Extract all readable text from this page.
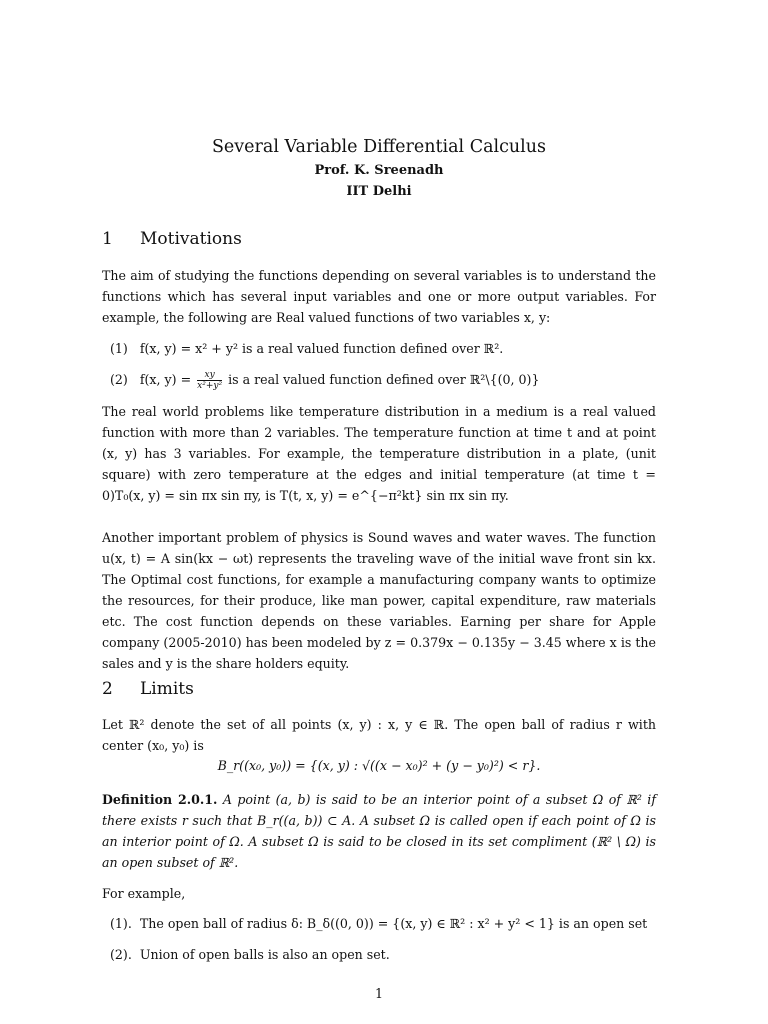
Several Variable Differential Calculus
Prof. K. Sreenadh
IIT Delhi
1 Motivations
The aim of studying the functions depending on several variables is to understand the functions which has several input variables and one or more output variables. For example, the following are Real valued functions of two variables x, y:
(1) f(x, y) = x² + y² is a real valued function defined over ℝ².
(2) f(x, $y) = \frac{xy}{\text{x²+y²}}$ is a real valued function defined over ℝ²\{(0, 0)}
The real world problems like temperature distribution in a medium is a real valued function with more than 2 variables. The temperature function at time t and at point (x, y) has 3 variables. For example, the temperature distribution in a plate, (unit square) with zero temperature at the edges and initial temperature (at time t = 0)T₀(x, y) = sin πx sin πy, is T(t, x, y) = e^{−π²kt} sin πx sin πy.
Another important problem of physics is Sound waves and water waves. The function u(x, t) = A sin(kx − ωt) represents the traveling wave of the initial wave front sin kx. The Optimal cost functions, for example a manufacturing company wants to optimize the resources, for their produce, like man power, capital expenditure, raw materials etc. The cost function depends on these variables. Earning per share for Apple company (2005-2010) has been modeled by z = 0.379x − 0.135y − 3.45 where x is the sales and y is the share holders equity.
2 Limits
Let ℝ² denote the set of all points (x, y) : x, y ∈ ℝ. The open ball of radius r with center (x₀, y₀) is
B_r((x₀, y₀)) = {(x, y) : √((x − x₀)² + (y − y₀)²) < r}.
Definition 2.0.1. A point (a, b) is said to be an interior point of a subset Ω of ℝ² if there exists r such that B_r((a, b)) ⊂ A. A subset Ω is called open if each point of Ω is an interior point of Ω. A subset Ω is said to be closed in its set compliment (ℝ² \ Ω) is an open subset of ℝ².
For example,
(1). The open ball of radius δ: B_δ((0, 0)) = {(x, y) ∈ ℝ² : x² + y² < 1} is an open set
(2). Union of open balls is also an open set.
1
